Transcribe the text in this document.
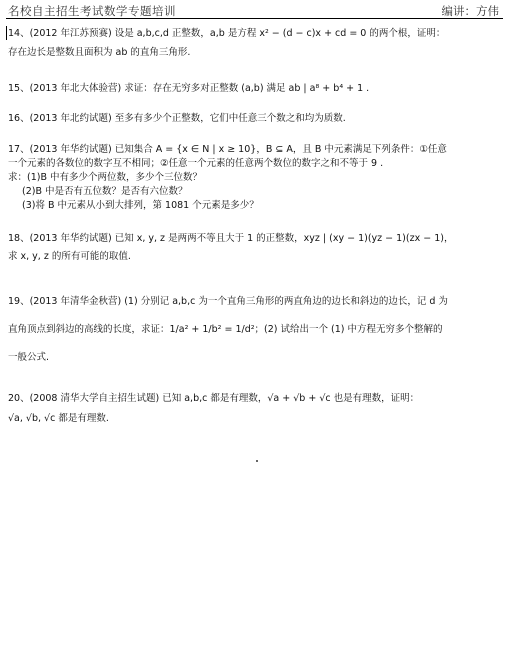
名校自主招生考试数学专题培训	编讲：方伟
14、(2012 年江苏预赛) 设是 a,b,c,d 正整数，a,b 是方程 x² − (d − c)x + cd = 0 的两个根，证明：
存在边长是整数且面积为 ab 的直角三角形.
15、(2013 年北大体验营) 求证：存在无穷多对正整数 (a,b) 满足 ab | a⁸ + b⁴ + 1 .
16、(2013 年北约试题) 至多有多少个正整数，它们中任意三个数之和均为质数.
17、(2013 年华约试题) 已知集合 A = {x ∈ N | x ≥ 10}，B ⊆ A，且 B 中元素满足下列条件：①任意
一个元素的各数位的数字互不相同；②任意一个元素的任意两个数位的数字之和不等于 9 .
求：(1)B 中有多少个两位数，多少个三位数？
(2)B 中是否有五位数？是否有六位数？
(3)将 B 中元素从小到大排列，第 1081 个元素是多少？
18、(2013 年华约试题) 已知 x, y, z 是两两不等且大于 1 的正整数，xyz | (xy − 1)(yz − 1)(zx − 1)，
求 x, y, z 的所有可能的取值.
19、(2013 年清华金秋营) (1) 分别记 a,b,c 为一个直角三角形的两直角边的边长和斜边的边长，记 d 为
直角顶点到斜边的高线的长度，求证：1/a² + 1/b² = 1/d²；(2) 试给出一个 (1) 中方程无穷多个整解的
一般公式.
20、(2008 清华大学自主招生试题) 已知 a,b,c 都是有理数，√a + √b + √c 也是有理数，证明：
√a, √b, √c 都是有理数.
